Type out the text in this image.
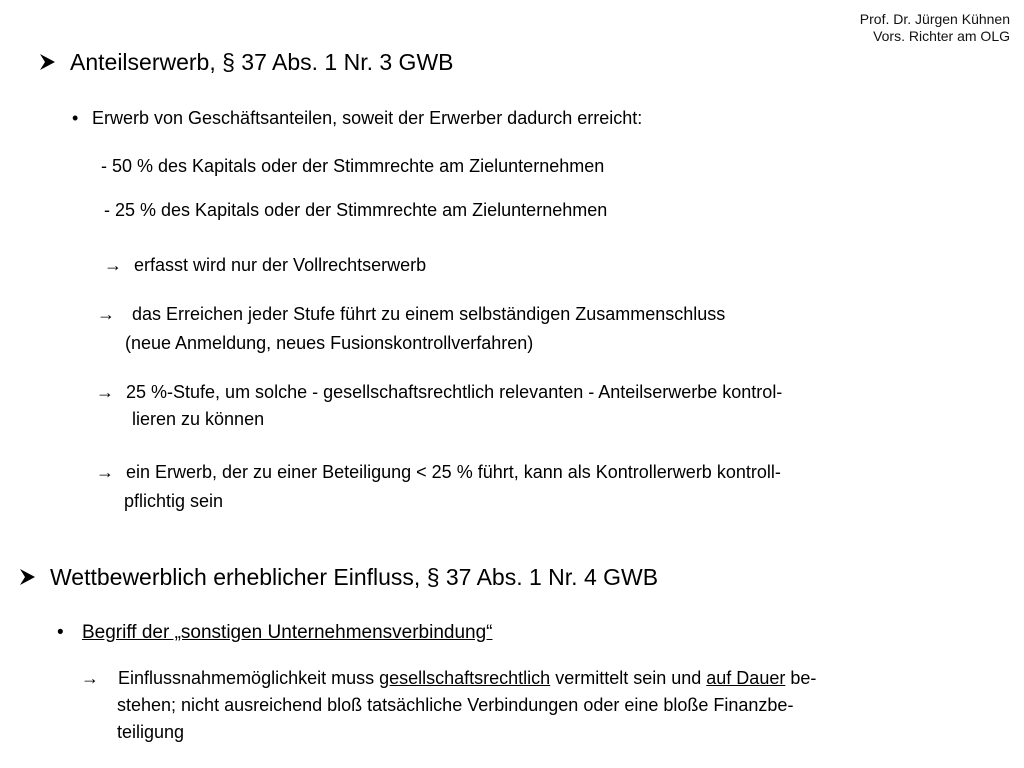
Prof. Dr. Jürgen Kühnen
Vors. Richter am OLG
Anteilserwerb, § 37 Abs. 1 Nr. 3 GWB
• Erwerb von Geschäftsanteilen, soweit der Erwerber dadurch erreicht:
- 50 % des Kapitals oder der Stimmrechte am Zielunternehmen
- 25 % des Kapitals oder der Stimmrechte am Zielunternehmen
→ erfasst wird nur der Vollrechtserwerb
→ das Erreichen jeder Stufe führt zu einem selbständigen Zusammenschluss
(neue Anmeldung, neues Fusionskontrollverfahren)
→ 25 %-Stufe, um solche - gesellschaftsrechtlich relevanten - Anteilserwerbe kontrol-
lieren zu können
→ ein Erwerb, der zu einer Beteiligung < 25 % führt, kann als Kontrollerwerb kontroll-
pflichtig sein
Wettbewerblich erheblicher Einfluss, § 37 Abs. 1 Nr. 4 GWB
• Begriff der „sonstigen Unternehmensverbindung“
→ Einflussnahmemöglichkeit muss gesellschaftsrechtlich vermittelt sein und auf Dauer be-
stehen; nicht ausreichend bloß tatsächliche Verbindungen oder eine bloße Finanzbe-
teiligung
